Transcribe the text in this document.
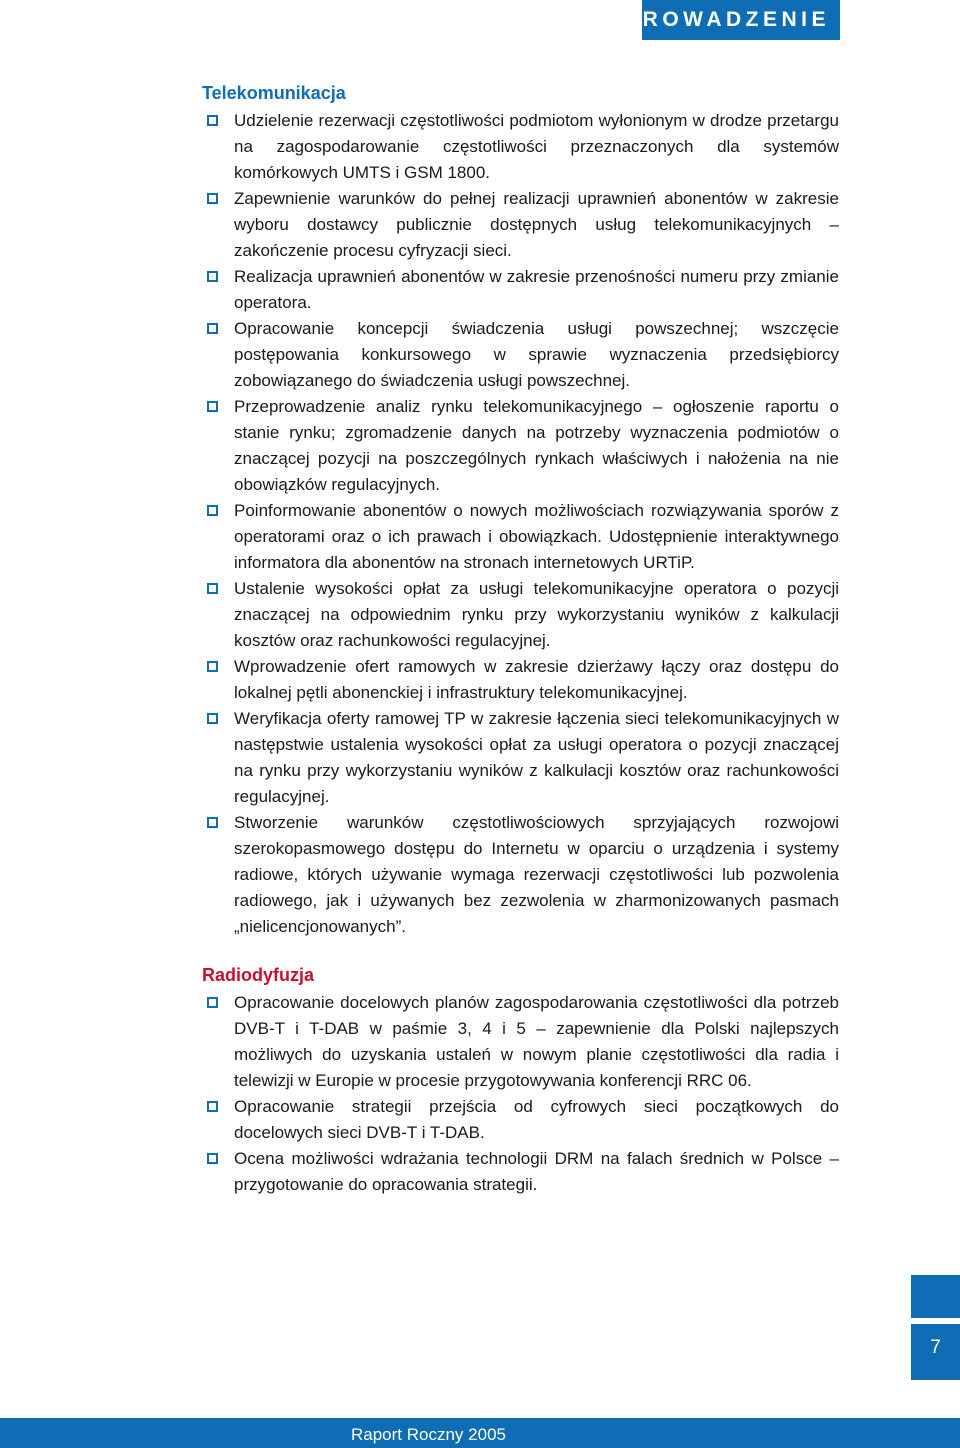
WPROWADZENIE
Telekomunikacja
Udzielenie rezerwacji częstotliwości podmiotom wyłonionym w drodze przetargu na zagospodarowanie częstotliwości przeznaczonych dla systemów komórkowych UMTS i GSM 1800.
Zapewnienie warunków do pełnej realizacji uprawnień abonentów w zakresie wyboru dostawcy publicznie dostępnych usług telekomunikacyjnych – zakończenie procesu cyfryzacji sieci.
Realizacja uprawnień abonentów w zakresie przenośności numeru przy zmianie operatora.
Opracowanie koncepcji świadczenia usługi powszechnej; wszczęcie postępowania konkursowego w sprawie wyznaczenia przedsiębiorcy zobowiązanego do świadczenia usługi powszechnej.
Przeprowadzenie analiz rynku telekomunikacyjnego – ogłoszenie raportu o stanie rynku; zgromadzenie danych na potrzeby wyznaczenia podmiotów o znaczącej pozycji na poszczególnych rynkach właściwych i nałożenia na nie obowiązków regulacyjnych.
Poinformowanie abonentów o nowych możliwościach rozwiązywania sporów z operatorami oraz o ich prawach i obowiązkach. Udostępnienie interaktywnego informatora dla abonentów na stronach internetowych URTiP.
Ustalenie wysokości opłat za usługi telekomunikacyjne operatora o pozycji znaczącej na odpowiednim rynku przy wykorzystaniu wyników z kalkulacji kosztów oraz rachunkowości regulacyjnej.
Wprowadzenie ofert ramowych w zakresie dzierżawy łączy oraz dostępu do lokalnej pętli abonenckiej i infrastruktury telekomunikacyjnej.
Weryfikacja oferty ramowej TP w zakresie łączenia sieci telekomunikacyjnych w następstwie ustalenia wysokości opłat za usługi operatora o pozycji znaczącej na rynku przy wykorzystaniu wyników z kalkulacji kosztów oraz rachunkowości regulacyjnej.
Stworzenie warunków częstotliwościowych sprzyjających rozwojowi szerokopasmowego dostępu do Internetu w oparciu o urządzenia i systemy radiowe, których używanie wymaga rezerwacji częstotliwości lub pozwolenia radiowego, jak i używanych bez zezwolenia w zharmonizowanych pasmach „nielicencjonowanych”.
Radiodyfuzja
Opracowanie docelowych planów zagospodarowania częstotliwości dla potrzeb DVB-T i T-DAB w paśmie 3, 4 i 5 – zapewnienie dla Polski najlepszych możliwych do uzyskania ustaleń w nowym planie częstotliwości dla radia i telewizji w Europie w procesie przygotowywania konferencji RRC 06.
Opracowanie strategii przejścia od cyfrowych sieci początkowych do docelowych sieci DVB-T i T-DAB.
Ocena możliwości wdrażania technologii DRM na falach średnich w Polsce – przygotowanie do opracowania strategii.
7
Raport Roczny 2005
